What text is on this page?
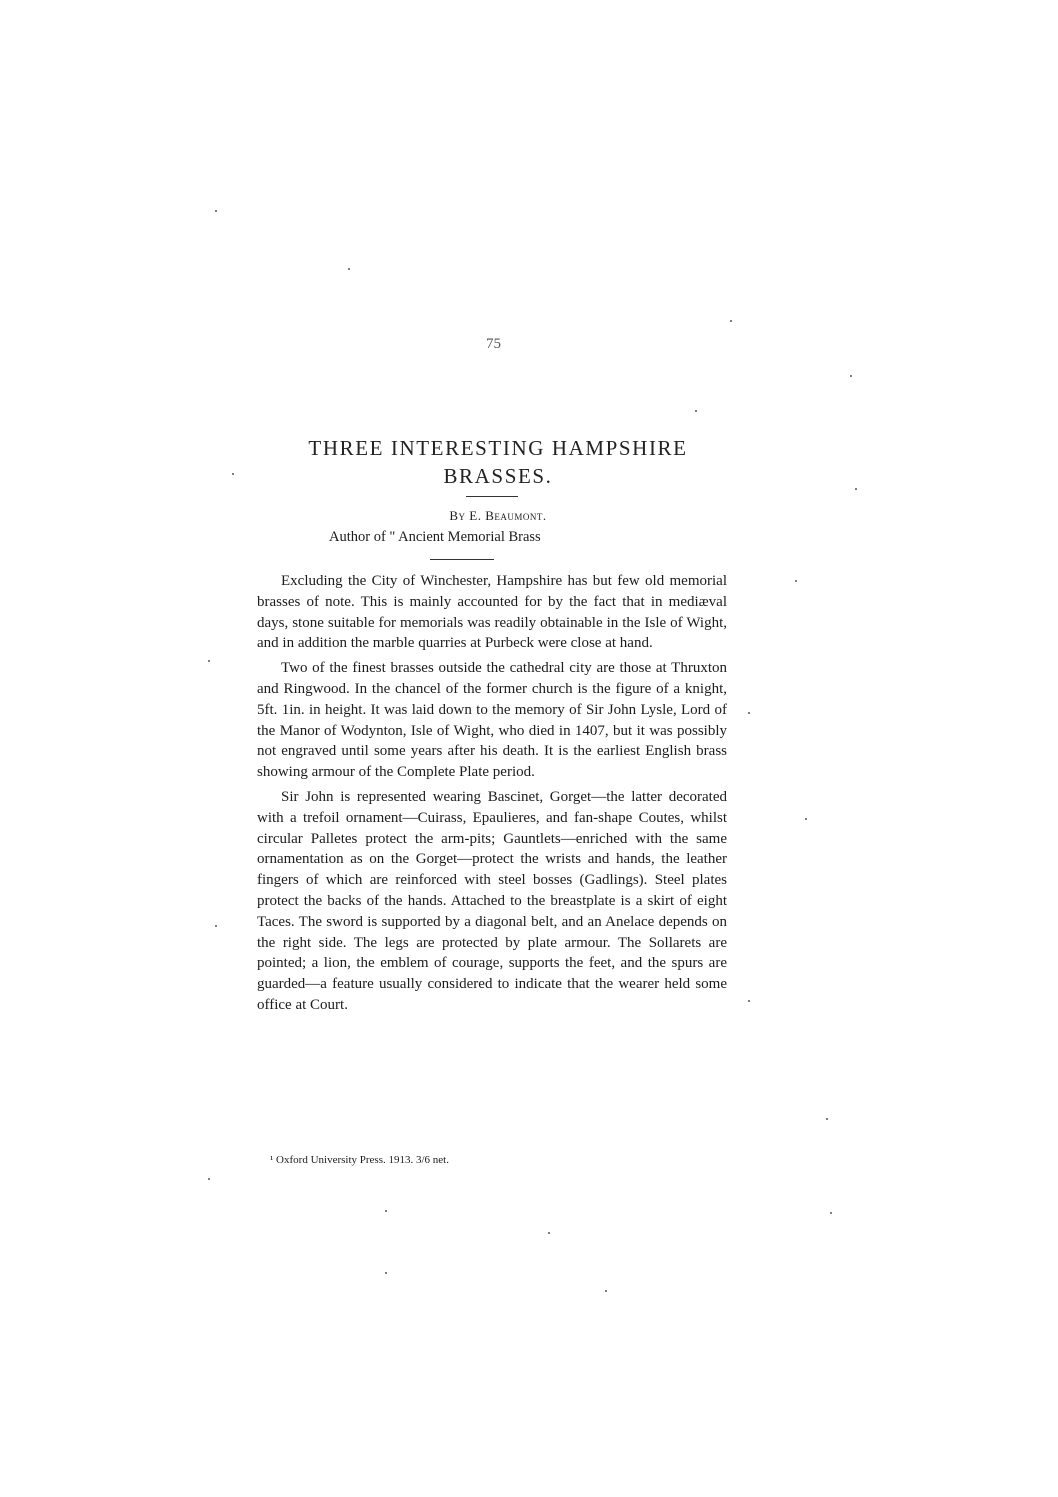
75
THREE INTERESTING HAMPSHIRE BRASSES.
By E. Beaumont.
Author of " Ancient Memorial Brass

Excluding the City of Winchester, Hampshire has but few old memorial brasses of note. This is mainly accounted for by the fact that in mediæval days, stone suitable for memorials was readily obtainable in the Isle of Wight, and in addition the marble quarries at Purbeck were close at hand.

Two of the finest brasses outside the cathedral city are those at Thruxton and Ringwood. In the chancel of the former church is the figure of a knight, 5ft. 1in. in height. It was laid down to the memory of Sir John Lysle, Lord of the Manor of Wodynton, Isle of Wight, who died in 1407, but it was possibly not engraved until some years after his death. It is the earliest English brass showing armour of the Complete Plate period.

Sir John is represented wearing Bascinet, Gorget—the latter decorated with a trefoil ornament—Cuirass, Epaulieres, and fan-shape Coutes, whilst circular Palletes protect the arm-pits; Gauntlets—enriched with the same ornamentation as on the Gorget—protect the wrists and hands, the leather fingers of which are reinforced with steel bosses (Gadlings). Steel plates protect the backs of the hands. Attached to the breastplate is a skirt of eight Taces. The sword is supported by a diagonal belt, and an Anelace depends on the right side. The legs are protected by plate armour. The Sollarets are pointed; a lion, the emblem of courage, supports the feet, and the spurs are guarded—a feature usually considered to indicate that the wearer held some office at Court.

¹ Oxford University Press. 1913. 3/6 net.
